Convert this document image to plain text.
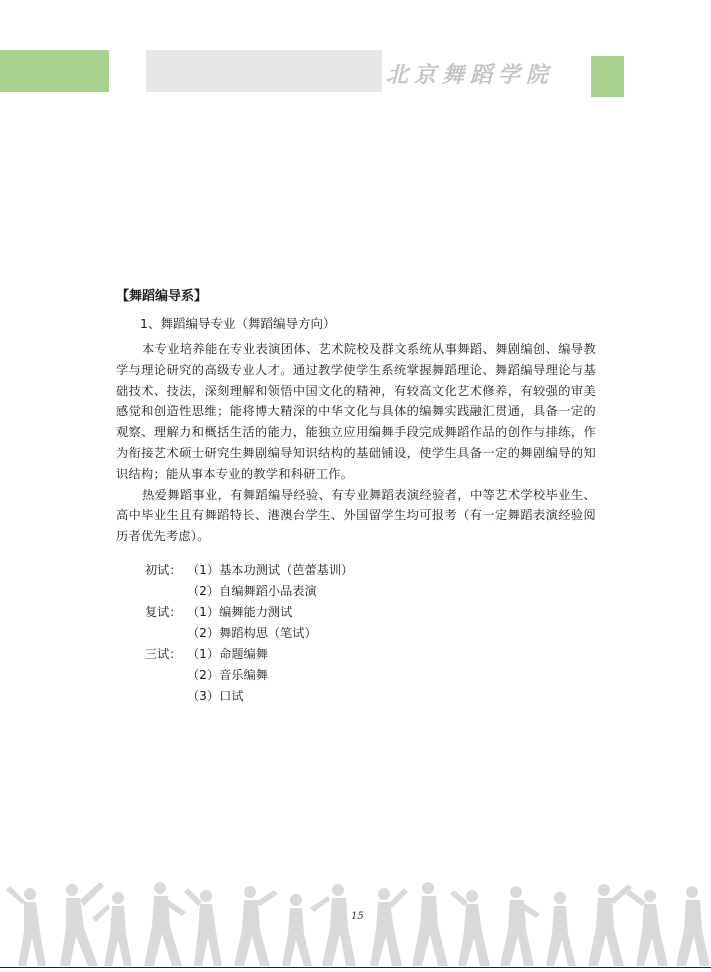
北京舞蹈学院
【舞蹈编导系】
1、舞蹈编导专业（舞蹈编导方向）

本专业培养能在专业表演团体、艺术院校及群文系统从事舞蹈、舞剧编创、编导教学与理论研究的高级专业人才。通过教学使学生系统掌握舞蹈理论、舞蹈编导理论与基础技术、技法，深刻理解和领悟中国文化的精神，有较高文化艺术修养，有较强的审美感觉和创造性思维；能将博大精深的中华文化与具体的编舞实践融汇贯通，具备一定的观察、理解力和概括生活的能力，能独立应用编舞手段完成舞蹈作品的创作与排练，作为衔接艺术硕士研究生舞剧编导知识结构的基础铺设，使学生具备一定的舞剧编导的知识结构；能从事本专业的教学和科研工作。

热爱舞蹈事业，有舞蹈编导经验、有专业舞蹈表演经验者，中等艺术学校毕业生、高中毕业生且有舞蹈特长、港澳台学生、外国留学生均可报考（有一定舞蹈表演经验阅历者优先考虑）。

初试： （1）基本功测试（芭蕾基训）
（2）自编舞蹈小品表演
复试： （1）编舞能力测试
（2）舞蹈构思（笔试）
三试： （1）命题编舞
（2）音乐编舞
（3）口试
15
